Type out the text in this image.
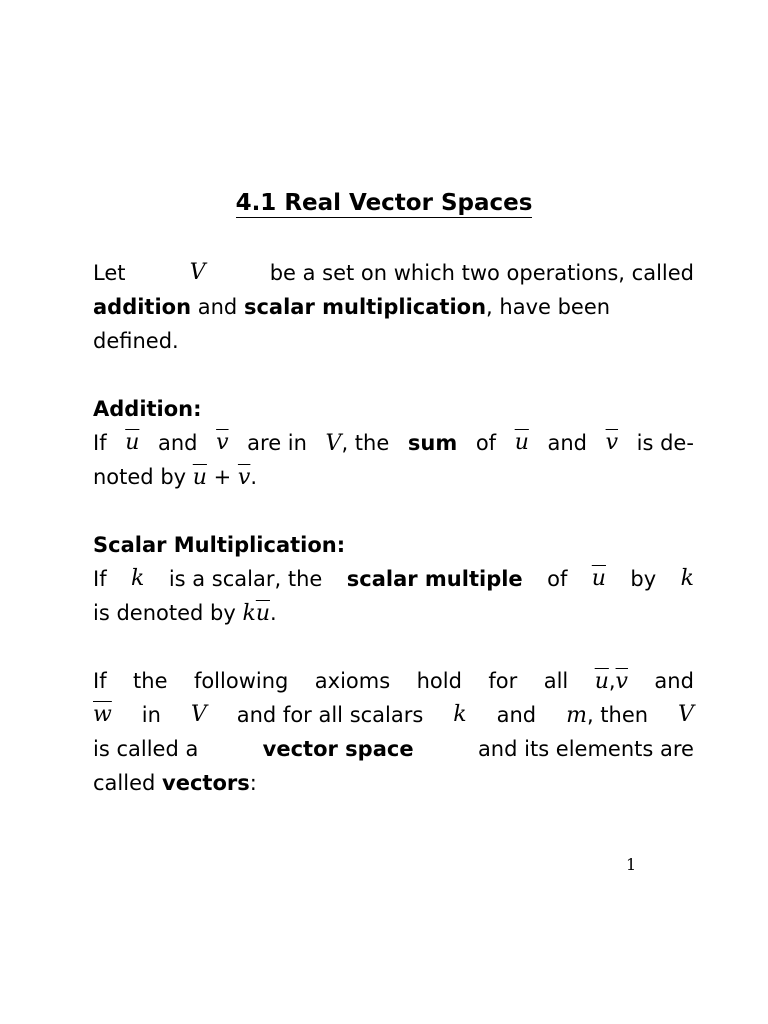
4.1 Real Vector Spaces
Let	V	be a set on which two operations, called
addition and scalar multiplication, have been
defined.
Addition:
If $\overline{u}$ and $\overline{v}$ are in V, the sum of $\overline{u}$ and $\overline{v}$ is de-
noted by $\overline{u} + \overline{v}$.
Scalar Multiplication:
If k is a scalar, the scalar multiple of $\overline{u}$ by k
is denoted by $k\overline{u}$.
If the following axioms hold for all $\overline{u},\overline{v}$ and
$\overline{w}$ in V and for all scalars k and m, then V
is called a	vector space	and its elements are
called vectors:
1
